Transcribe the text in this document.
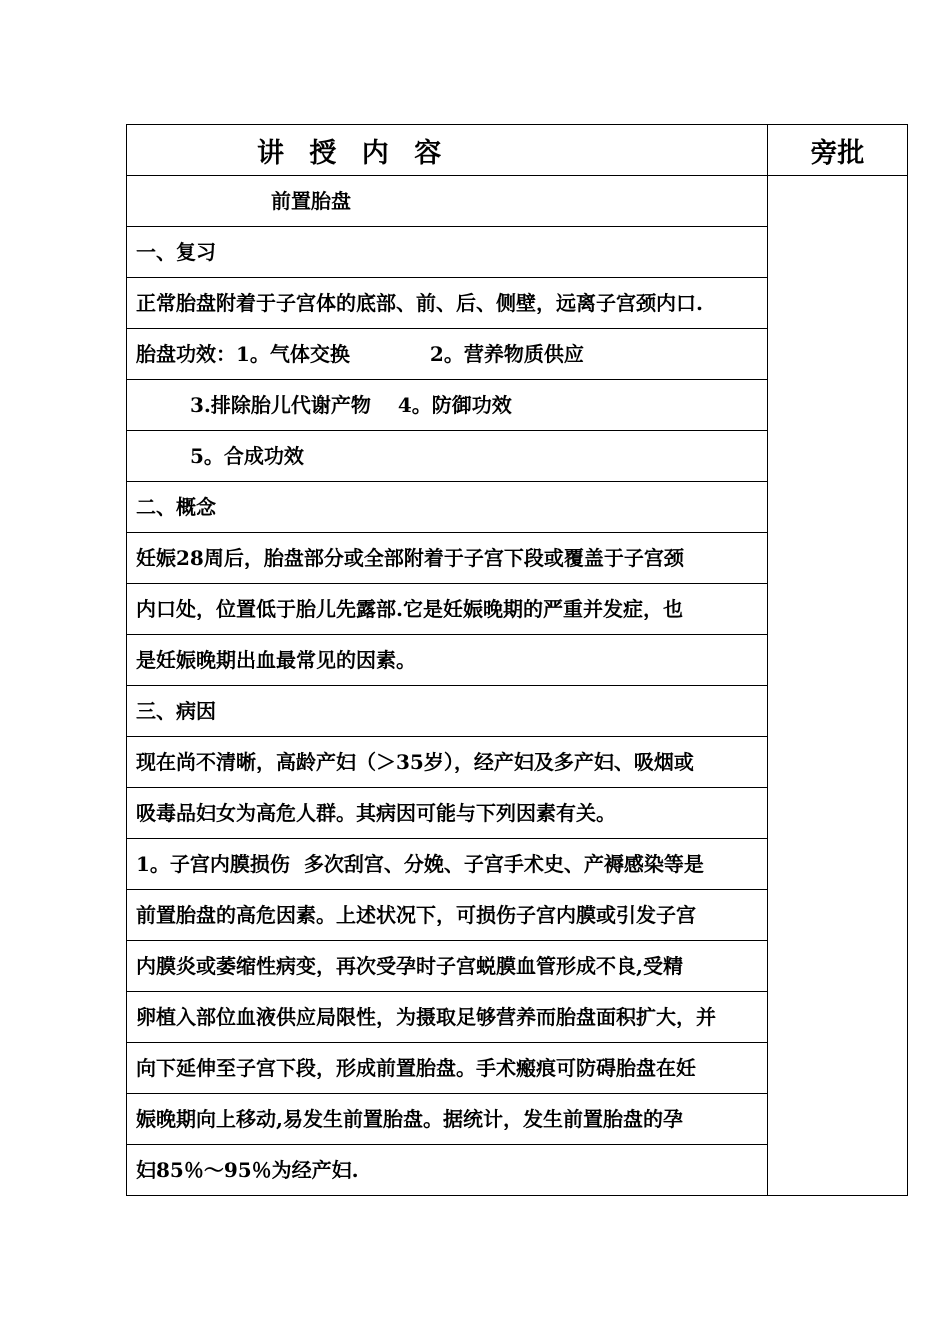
讲 授 内 容	旁批

前置胎盘	

一、复习	

正常胎盘附着于子宫体的底部、前、后、侧壁，远离子宫颈内口.	

胎盘功效：1。气体交换　　　　2。营养物质供应	

3.排除胎儿代谢产物　 4。防御功效	

5。合成功效	

二、概念	

妊娠28周后，胎盘部分或全部附着于子宫下段或覆盖于子宫颈	

内口处，位置低于胎儿先露部.它是妊娠晚期的严重并发症，也	

是妊娠晚期出血最常见的因素。	

三、病因	

现在尚不清晰，高龄产妇（＞35岁），经产妇及多产妇、吸烟或	

吸毒品妇女为高危人群。其病因可能与下列因素有关。	

1。子宫内膜损伤  多次刮宫、分娩、子宫手术史、产褥感染等是	

前置胎盘的高危因素。上述状况下，可损伤子宫内膜或引发子宫	

内膜炎或萎缩性病变，再次受孕时子宫蜕膜血管形成不良,受精	

卵植入部位血液供应局限性，为摄取足够营养而胎盘面积扩大，并	

向下延伸至子宫下段，形成前置胎盘。手术瘢痕可防碍胎盘在妊	

娠晚期向上移动,易发生前置胎盘。据统计，发生前置胎盘的孕	

妇85％～95％为经产妇.	
